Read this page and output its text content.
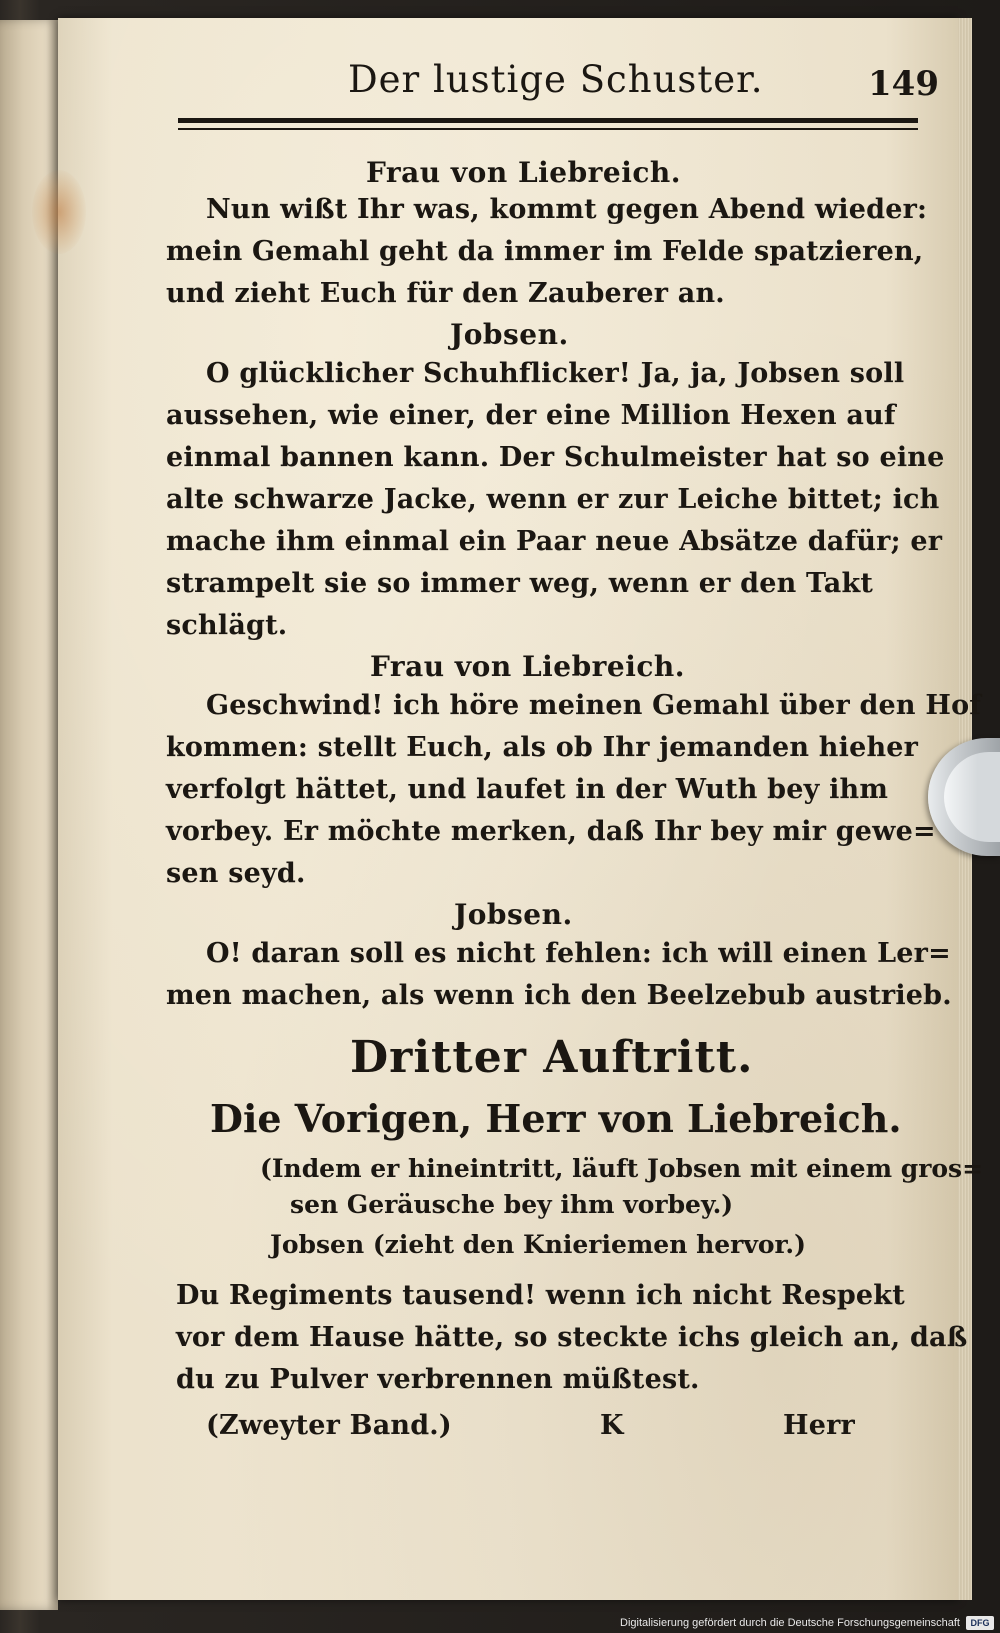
Der lustige Schuster.	149
Frau von Liebreich.
Nun wißt Ihr was, kommt gegen Abend wieder:
mein Gemahl geht da immer im Felde spatzieren,
und zieht Euch für den Zauberer an.
Jobsen.
O glücklicher Schuhflicker! Ja, ja, Jobsen soll
aussehen, wie einer, der eine Million Hexen auf
einmal bannen kann. Der Schulmeister hat so eine
alte schwarze Jacke, wenn er zur Leiche bittet; ich
mache ihm einmal ein Paar neue Absätze dafür; er
strampelt sie so immer weg, wenn er den Takt
schlägt.
Frau von Liebreich.
Geschwind! ich höre meinen Gemahl über den Hof
kommen: stellt Euch, als ob Ihr jemanden hieher
verfolgt hättet, und laufet in der Wuth bey ihm
vorbey. Er möchte merken, daß Ihr bey mir gewe=
sen seyd.
Jobsen.
O! daran soll es nicht fehlen: ich will einen Ler=
men machen, als wenn ich den Beelzebub austrieb.
Dritter Auftritt.
Die Vorigen, Herr von Liebreich.
(Indem er hineintritt, läuft Jobsen mit einem gros=
sen Geräusche bey ihm vorbey.)
Jobsen (zieht den Knieriemen hervor.)
Du Regiments tausend! wenn ich nicht Respekt
vor dem Hause hätte, so steckte ichs gleich an, daß
du zu Pulver verbrennen müßtest.
(Zweyter Band.)	K	Herr
Digitalisierung gefördert durch die Deutsche Forschungsgemeinschaft	DFG
